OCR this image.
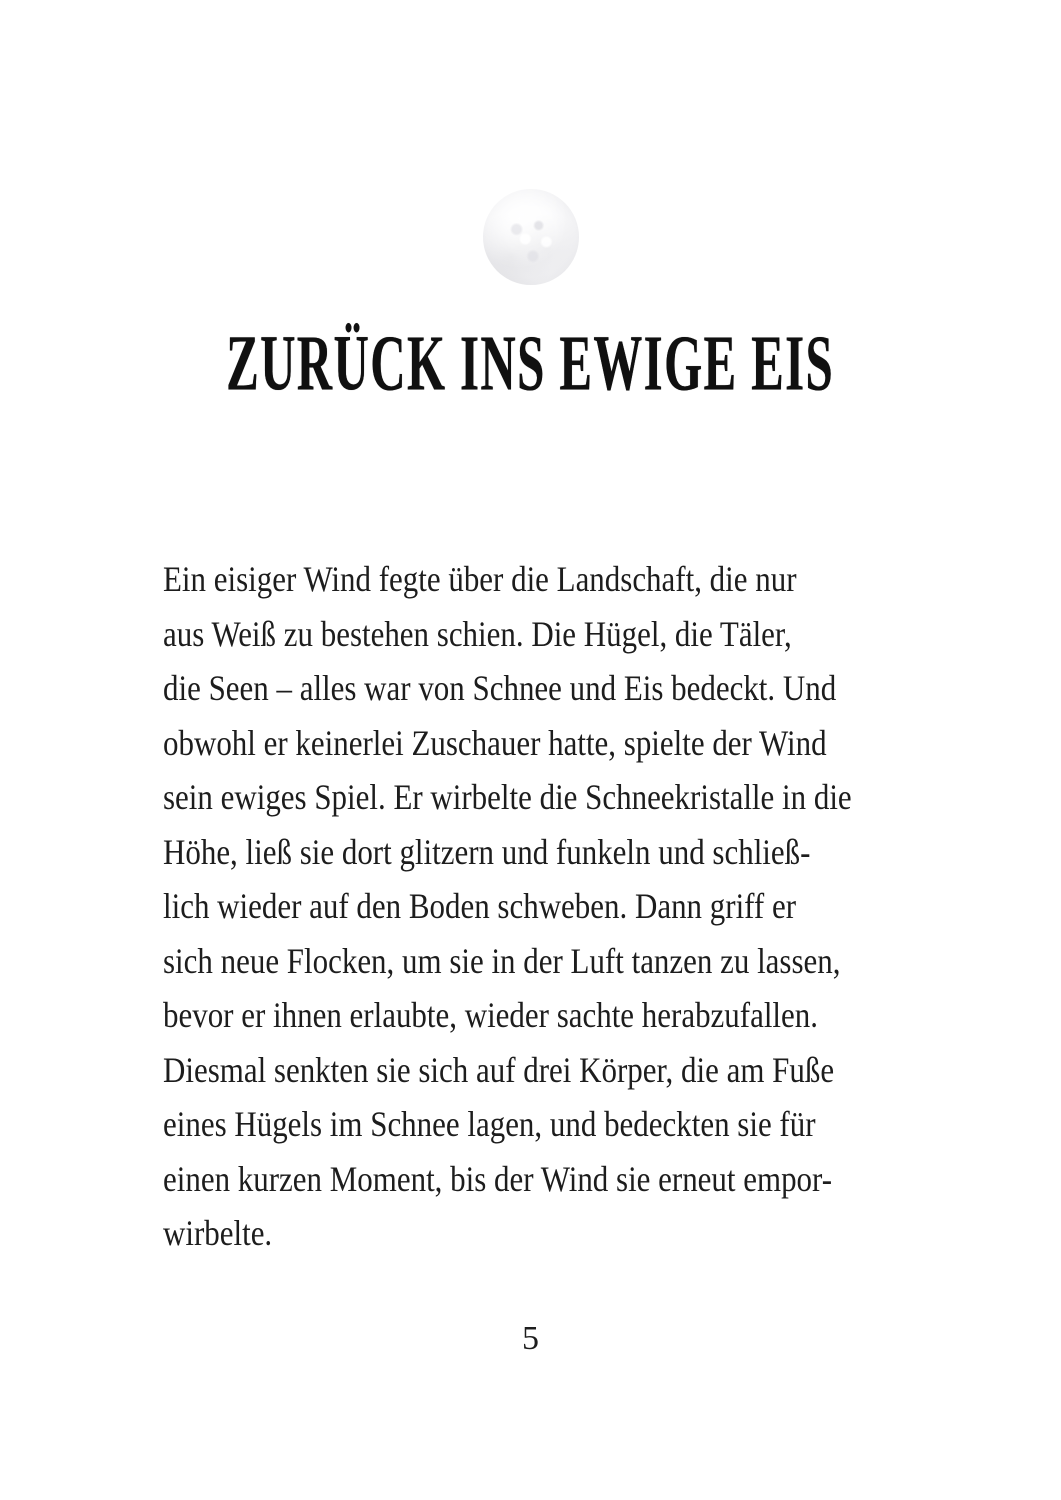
ZURÜCK INS EWIGE EIS
Ein eisiger Wind fegte über die Landschaft, die nur
aus Weiß zu bestehen schien. Die Hügel, die Täler,
die Seen – alles war von Schnee und Eis bedeckt. Und
obwohl er keinerlei Zuschauer hatte, spielte der Wind
sein ewiges Spiel. Er wirbelte die Schneekristalle in die
Höhe, ließ sie dort glitzern und funkeln und schließ-
lich wieder auf den Boden schweben. Dann griff er
sich neue Flocken, um sie in der Luft tanzen zu lassen,
bevor er ihnen erlaubte, wieder sachte herabzufallen.
Diesmal senkten sie sich auf drei Körper, die am Fuße
eines Hügels im Schnee lagen, und bedeckten sie für
einen kurzen Moment, bis der Wind sie erneut empor-
wirbelte.
5
